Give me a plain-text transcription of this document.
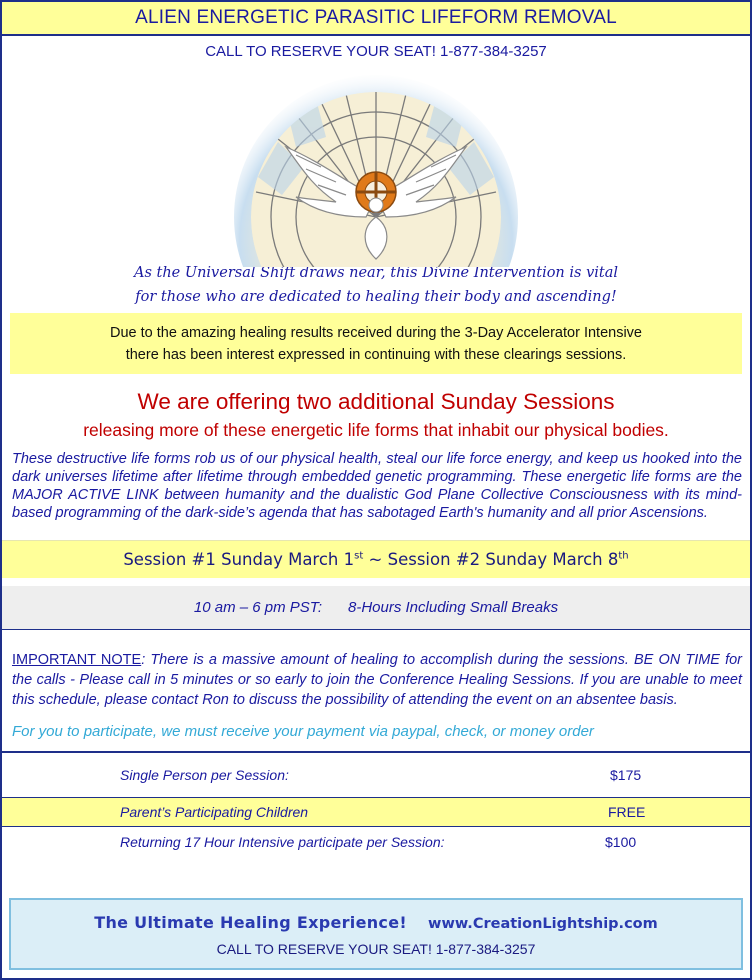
ALIEN ENERGETIC PARASITIC LIFEFORM REMOVAL
CALL TO RESERVE YOUR SEAT! 1-877-384-3257
As the Universal Shift draws near, this Divine Intervention is vital
for those who are dedicated to healing their body and ascending!
Due to the amazing healing results received during the 3-Day Accelerator Intensive
there has been interest expressed in continuing with these clearings sessions.
We are offering two additional Sunday Sessions
releasing more of these energetic life forms that inhabit our physical bodies.
These destructive life forms rob us of our physical health, steal our life force energy, and keep us hooked into the dark universes lifetime after lifetime through embedded genetic programming. These energetic life forms are the MAJOR ACTIVE LINK between humanity and the dualistic God Plane Collective Consciousness with its mind-based programming of the dark-side’s agenda that has sabotaged Earth's humanity and all prior Ascensions.
Session #1 Sunday March 1st ~ Session #2 Sunday March 8th
10 am – 6 pm PST: 8-Hours Including Small Breaks
IMPORTANT NOTE: There is a massive amount of healing to accomplish during the sessions. BE ON TIME for the calls - Please call in 5 minutes or so early to join the Conference Healing Sessions. If you are unable to meet this schedule, please contact Ron to discuss the possibility of attending the event on an absentee basis.
For you to participate, we must receive your payment via paypal, check, or money order
Single Person per Session:	$175
Parent’s Participating Children	FREE
Returning 17 Hour Intensive participate per Session:	$100
The Ultimate Healing Experience! www.CreationLightship.com
CALL TO RESERVE YOUR SEAT! 1-877-384-3257
